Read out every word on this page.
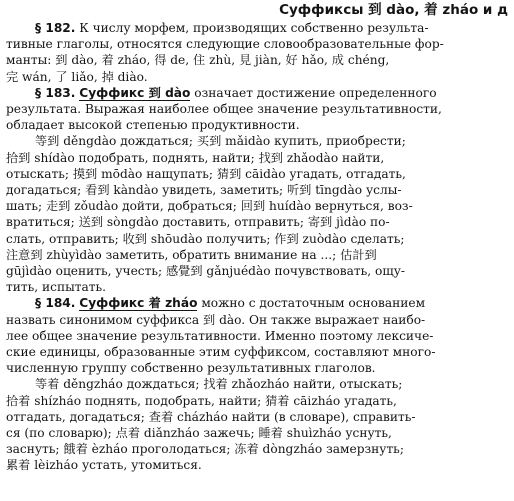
Суффиксы 到 dào, 着 zháo и д
§ 182. К числу морфем, производящих собственно результа-
тивные глаголы, относятся следующие словообразовательные фор-
манты: 到 dào, 着 zháo, 得 de, 住 zhù, 見 jiàn, 好 hǎo, 成 chéng,
完 wán, 了 liǎo, 掉 diào.
§ 183. Суффикс 到 dào означает достижение определенного
результата. Выражая наиболее общее значение результативности,
обладает высокой степенью продуктивности.
等到 děngdào дождаться; 买到 mǎidào купить, приобрести;
拾到 shídào подобрать, поднять, найти; 找到 zhǎodào найти,
отыскать; 摸到 mōdào нащупать; 猜到 cāidào угадать, отгадать,
догадаться; 看到 kàndào увидеть, заметить; 听到 tīngdào услы-
шать; 走到 zǒudào дойти, добраться; 回到 huídào вернуться, воз-
вратиться; 送到 sòngdào доставить, отправить; 寄到 jìdào по-
слать, отправить; 收到 shōudào получить; 作到 zuòdào сделать;
注意到 zhùyìdào заметить, обратить внимание на ...; 估計到
gūjìdào оценить, учесть; 感覺到 gǎnjuédào почувствовать, ощу-
тить, испытать.
§ 184. Суффикс 着 zháo можно с достаточным основанием
назвать синонимом суффикса 到 dào. Он также выражает наибо-
лее общее значение результативности. Именно поэтому лексиче-
ские единицы, образованные этим суффиксом, составляют много-
численную группу собственно результативных глаголов.
等着 děngzháo дождаться; 找着 zhǎozháo найти, отыскать;
拾着 shízháo поднять, подобрать, найти; 猜着 cāizháo угадать,
отгадать, догадаться; 查着 cházháo найти (в словаре), справить-
ся (по словарю); 点着 diǎnzháo зажечь; 睡着 shuìzháo уснуть,
заснуть; 餓着 èzháo проголодаться; 冻着 dòngzháo замерзнуть;
累着 lèizháo устать, утомиться.
